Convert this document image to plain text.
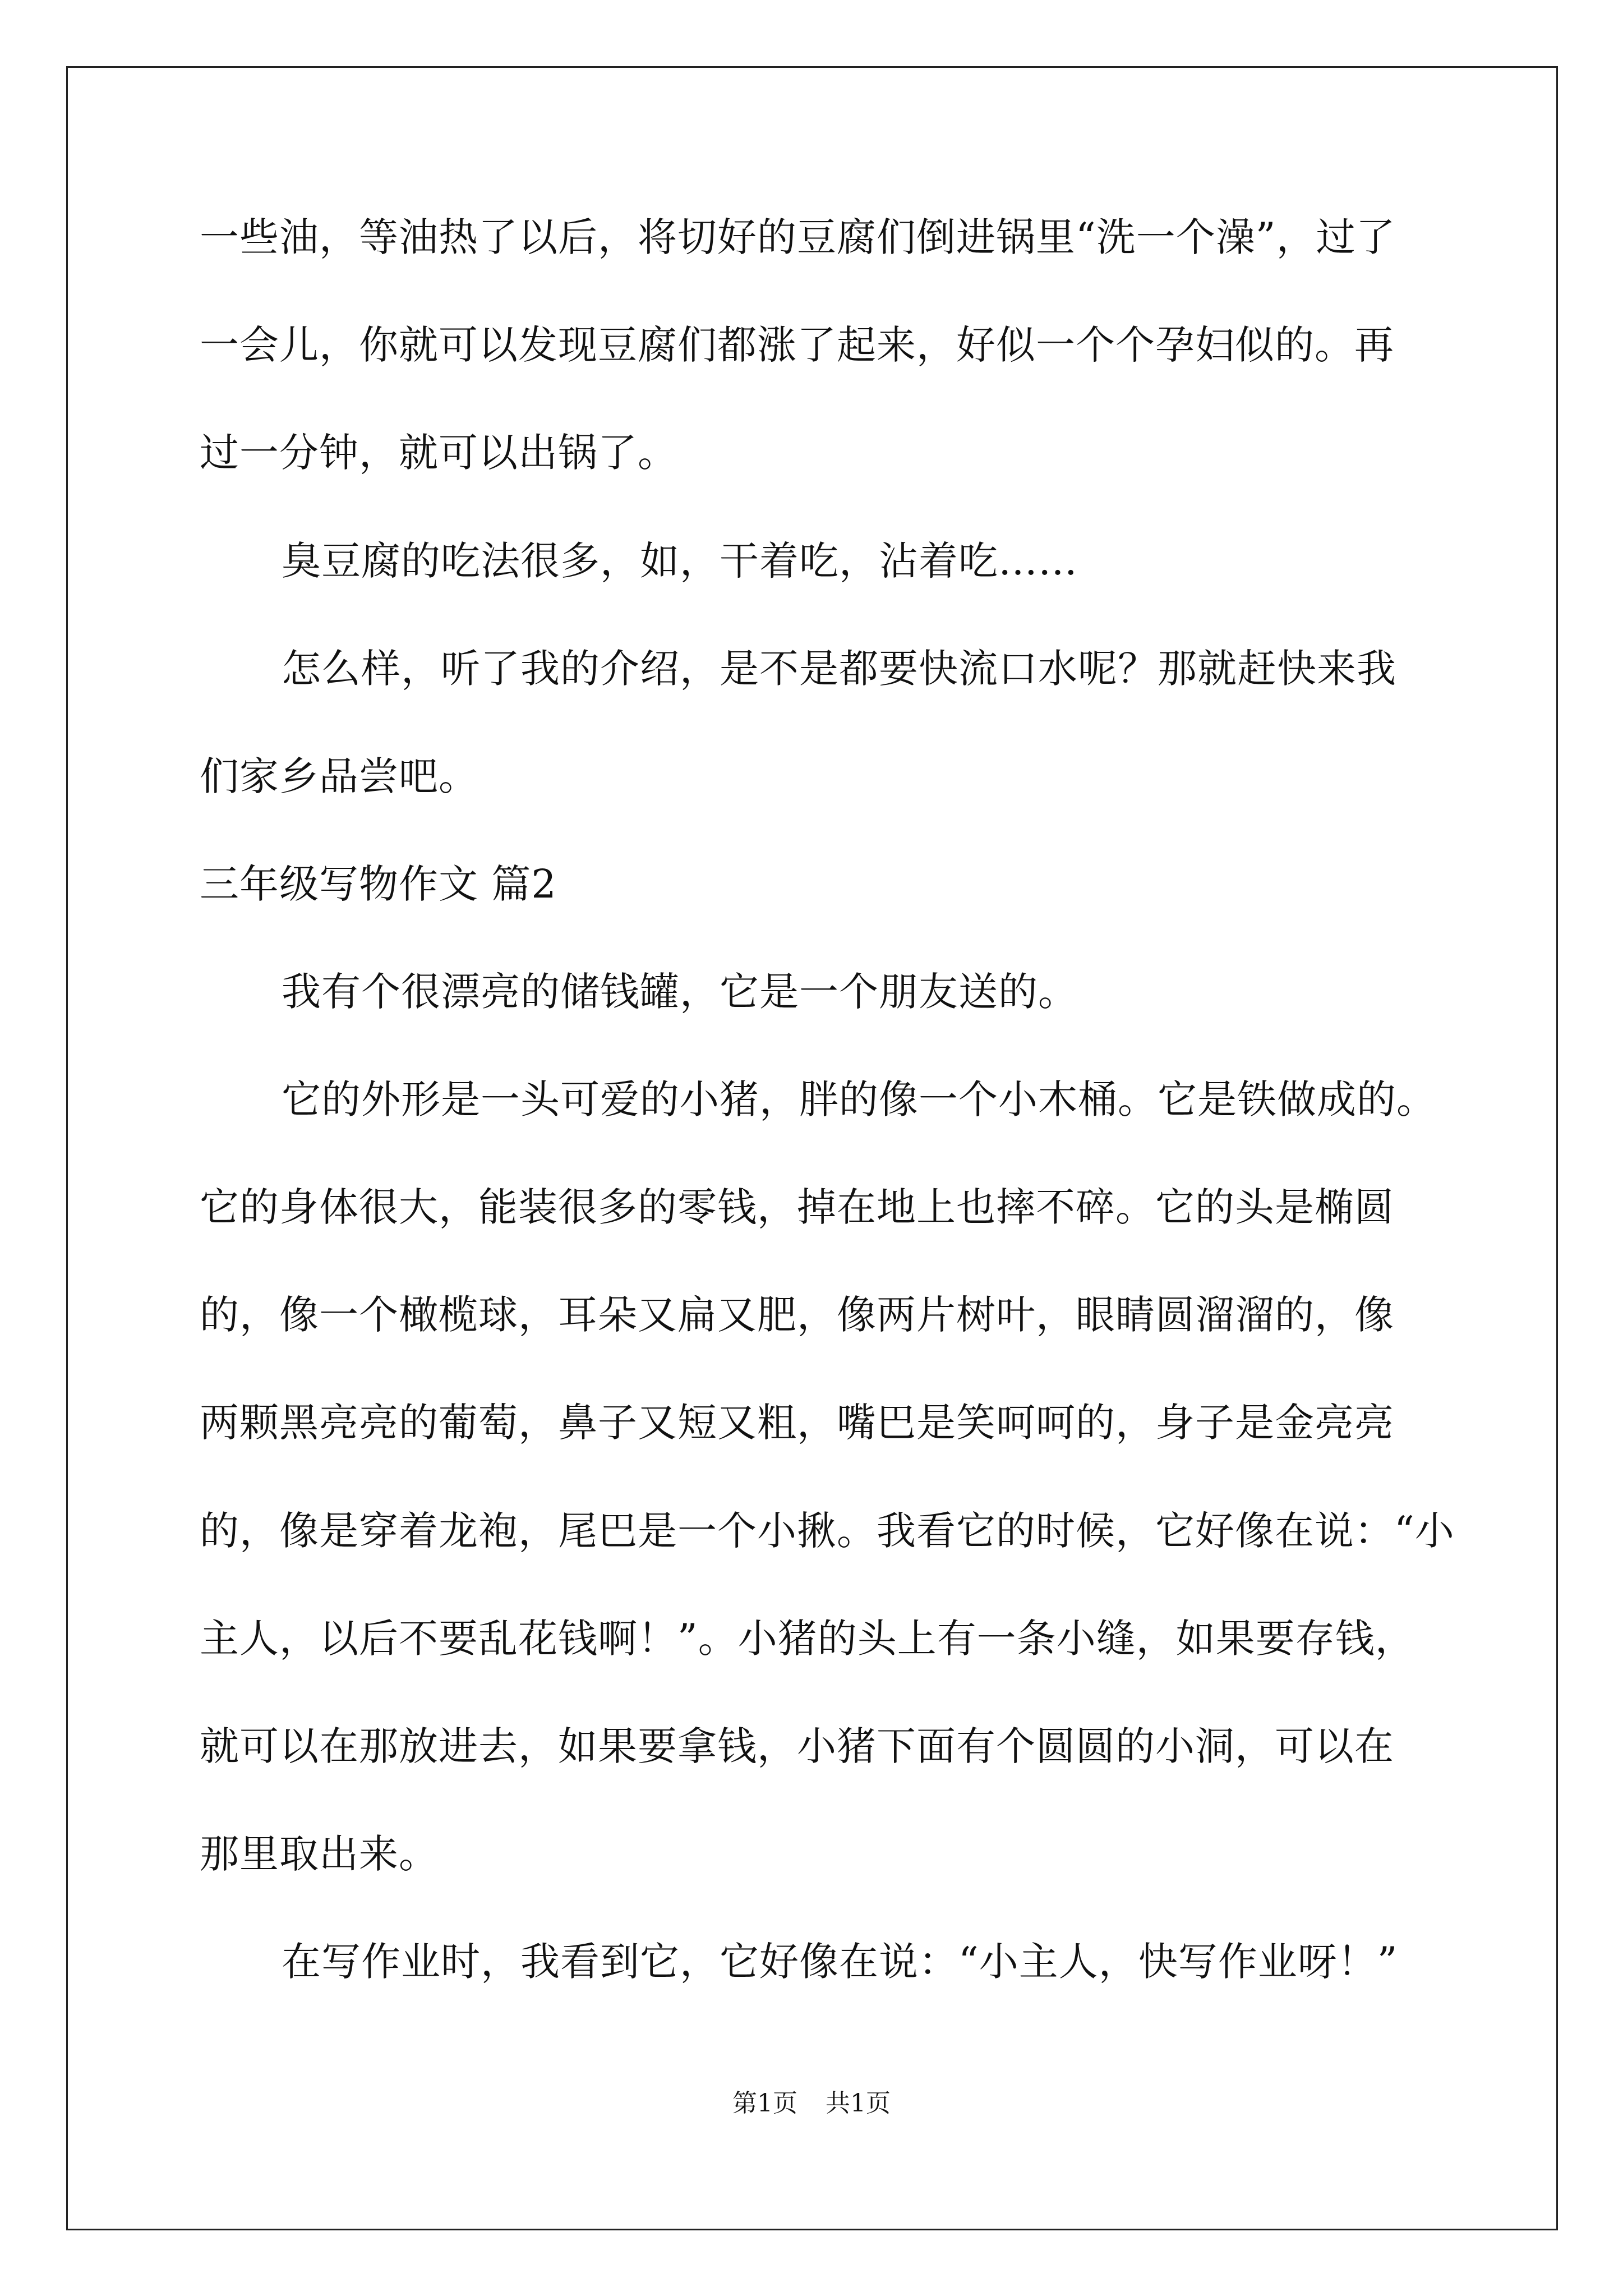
一些油，等油热了以后，将切好的豆腐们倒进锅里“洗一个澡”，过了
一会儿，你就可以发现豆腐们都涨了起来，好似一个个孕妇似的。再
过一分钟，就可以出锅了。
臭豆腐的吃法很多，如，干着吃，沾着吃……
怎么样，听了我的介绍，是不是都要快流口水呢？那就赶快来我
们家乡品尝吧。
三年级写物作文 篇2
我有个很漂亮的储钱罐，它是一个朋友送的。
它的外形是一头可爱的小猪，胖的像一个小木桶。它是铁做成的。
它的身体很大，能装很多的零钱，掉在地上也摔不碎。它的头是椭圆
的，像一个橄榄球，耳朵又扁又肥，像两片树叶，眼睛圆溜溜的，像
两颗黑亮亮的葡萄，鼻子又短又粗，嘴巴是笑呵呵的，身子是金亮亮
的，像是穿着龙袍，尾巴是一个小揪。我看它的时候，它好像在说：“小
主人，以后不要乱花钱啊！”。小猪的头上有一条小缝，如果要存钱，
就可以在那放进去，如果要拿钱，小猪下面有个圆圆的小洞，可以在
那里取出来。
在写作业时，我看到它，它好像在说：“小主人，快写作业呀！”
第1页 共1页
